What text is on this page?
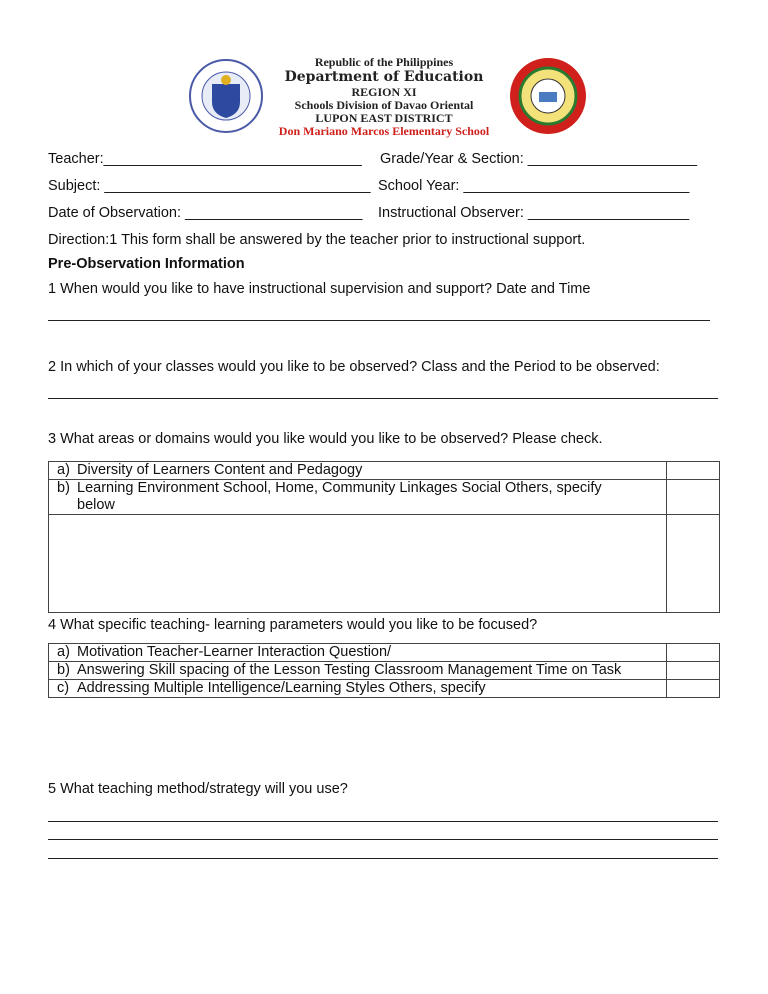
Republic of the Philippines
Department of Education
REGION XI
Schools Division of Davao Oriental
LUPON EAST DISTRICT
Don Mariano Marcos Elementary School
Teacher:________________________________ Grade/Year & Section: _____________________
Subject: _________________________________ School Year: ____________________________
Date of Observation: ______________________ Instructional Observer: ____________________
Direction:1 This form shall be answered by the teacher prior to instructional support.
Pre-Observation Information
1 When would you like to have instructional supervision and support? Date and Time
2 In which of your classes would you like to be observed? Class and the Period to be observed:
3 What areas or domains would you like would you like to be observed? Please check.
a) Diversity of Learners Content and Pedagogy	

b) Learning Environment School, Home, Community Linkages Social Others, specify below	

4 What specific teaching- learning parameters would you like to be focused?
a) Motivation Teacher-Learner Interaction Question/	

b) Answering Skill spacing of the Lesson Testing Classroom Management Time on Task	

c) Addressing Multiple Intelligence/Learning Styles Others, specify	

5 What teaching method/strategy will you use?
